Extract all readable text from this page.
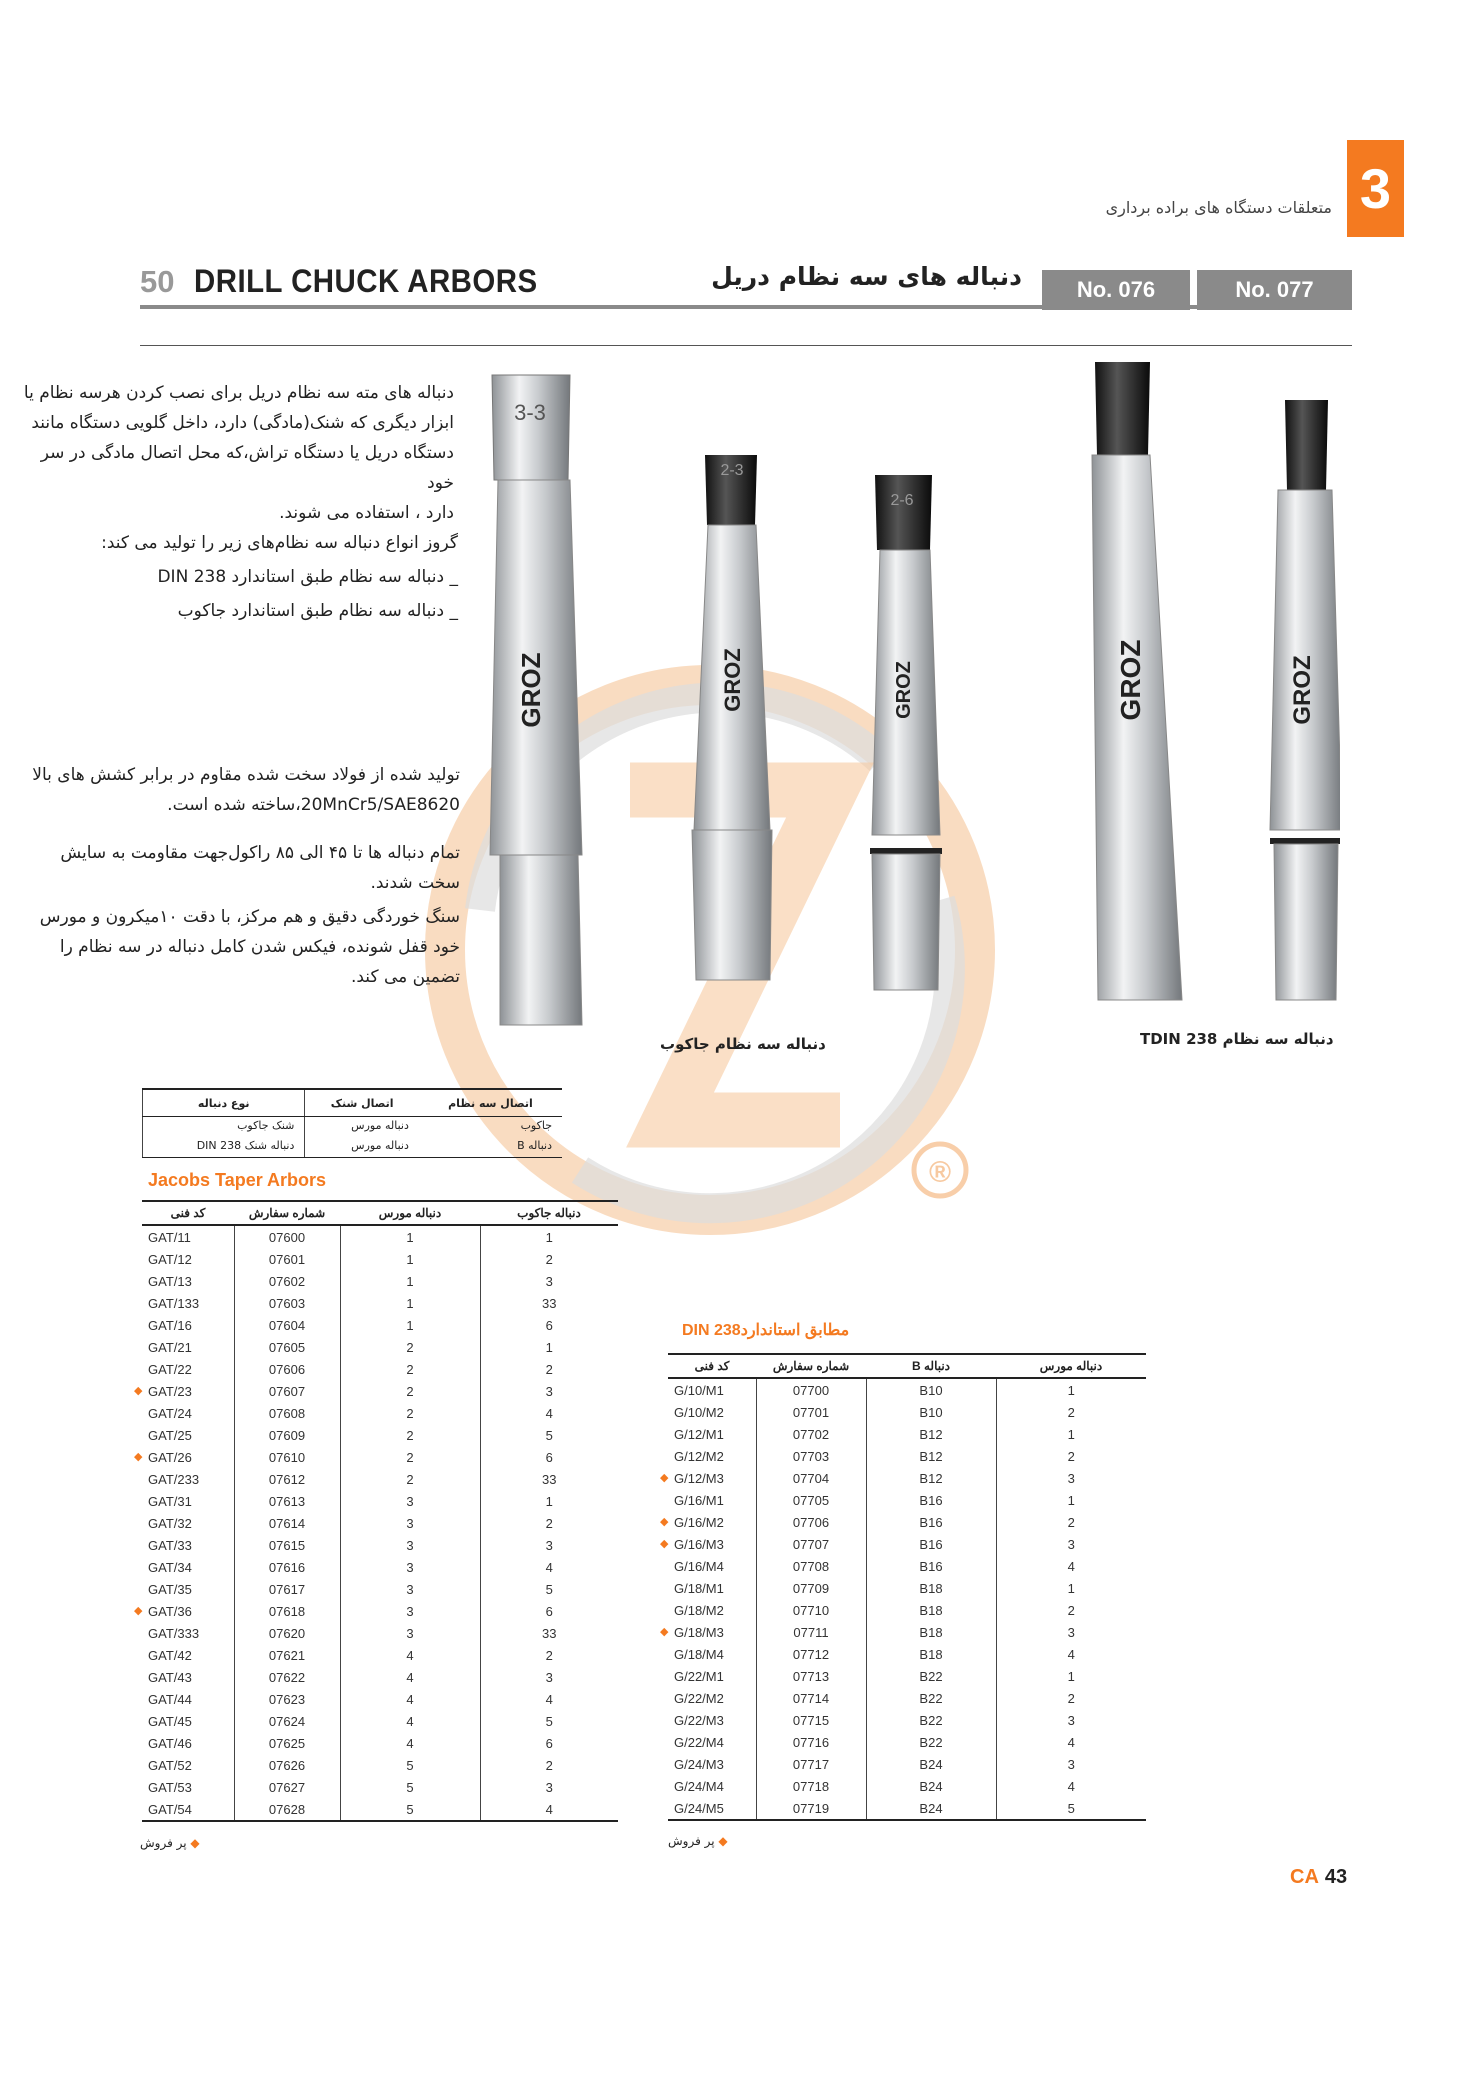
3
متعلقات دستگاه های براده برداری
50 DRILL CHUCK ARBORS	دنباله های سه نظام دریل	No. 076	No. 077
®
دنباله های مته سه نظام دریل برای نصب کردن هرسه نظام یا
ابزار دیگری که شنک(مادگی) دارد، داخل گلویی دستگاه مانند
دستگاه دریل یا دستگاه تراش،که محل اتصال مادگی در سر خود
دارد ، استفاده می شوند.
گروز انواع دنباله سه نظام‌های زیر را تولید می کند:
_ دنباله سه نظام طبق استاندارد DIN 238
_ دنباله سه نظام طبق استاندارد جاکوب
تولید شده از فولاد سخت شده مقاوم در برابر کشش های بالا
20MnCr5/SAE8620،ساخته شده است.
تمام دنباله ها تا ۴۵ الی ۸۵ راکول‌جهت مقاومت به سایش
سخت شدند.
سنگ خوردگی دقیق و هم مرکز، با دقت ۱۰میکرون و مورس
خود قفل شونده، فیکس شدن کامل دنباله در سه نظام را
تضمین می کند.
3-3
GROZ
2-3
GROZ
2-6
GROZ	GROZ	GROZ
دنباله سه نظام جاکوب	دنباله سه نظام 238 TDIN
نوع دنباله	اتصال شنک	اتصال سه نظام
شنک جاکوب	دنباله مورس	جاکوب
دنباله شنک DIN 238	دنباله مورس	دنباله B
Jacobs Taper Arbors
کد فنی	شماره سفارش	دنباله مورس	دنباله جاکوب
GAT/11	07600	1	1
GAT/12	07601	1	2
GAT/13	07602	1	3
GAT/133	07603	1	33
GAT/16	07604	1	6
GAT/21	07605	2	1
GAT/22	07606	2	2

◆ GAT/23	07607	2	3
GAT/24	07608	2	4
GAT/25	07609	2	5

◆ GAT/26	07610	2	6
GAT/233	07612	2	33
GAT/31	07613	3	1
GAT/32	07614	3	2
GAT/33	07615	3	3
GAT/34	07616	3	4
GAT/35	07617	3	5

◆ GAT/36	07618	3	6
GAT/333	07620	3	33
GAT/42	07621	4	2
GAT/43	07622	4	3
GAT/44	07623	4	4
GAT/45	07624	4	5
GAT/46	07625	4	6
GAT/52	07626	5	2
GAT/53	07627	5	3
GAT/54	07628	5	4
مطابق استانداردDIN 238
کد فنی	شماره سفارش	دنباله B	دنباله مورس
G/10/M1	07700	B10	1
G/10/M2	07701	B10	2
G/12/M1	07702	B12	1
G/12/M2	07703	B12	2

◆ G/12/M3	07704	B12	3
G/16/M1	07705	B16	1

◆ G/16/M2	07706	B16	2

◆ G/16/M3	07707	B16	3
G/16/M4	07708	B16	4
G/18/M1	07709	B18	1
G/18/M2	07710	B18	2

◆ G/18/M3	07711	B18	3
G/18/M4	07712	B18	4
G/22/M1	07713	B22	1
G/22/M2	07714	B22	2
G/22/M3	07715	B22	3
G/22/M4	07716	B22	4
G/24/M3	07717	B24	3
G/24/M4	07718	B24	4
G/24/M5	07719	B24	5
◆ پر فروش	◆ پر فروش
CA 43
